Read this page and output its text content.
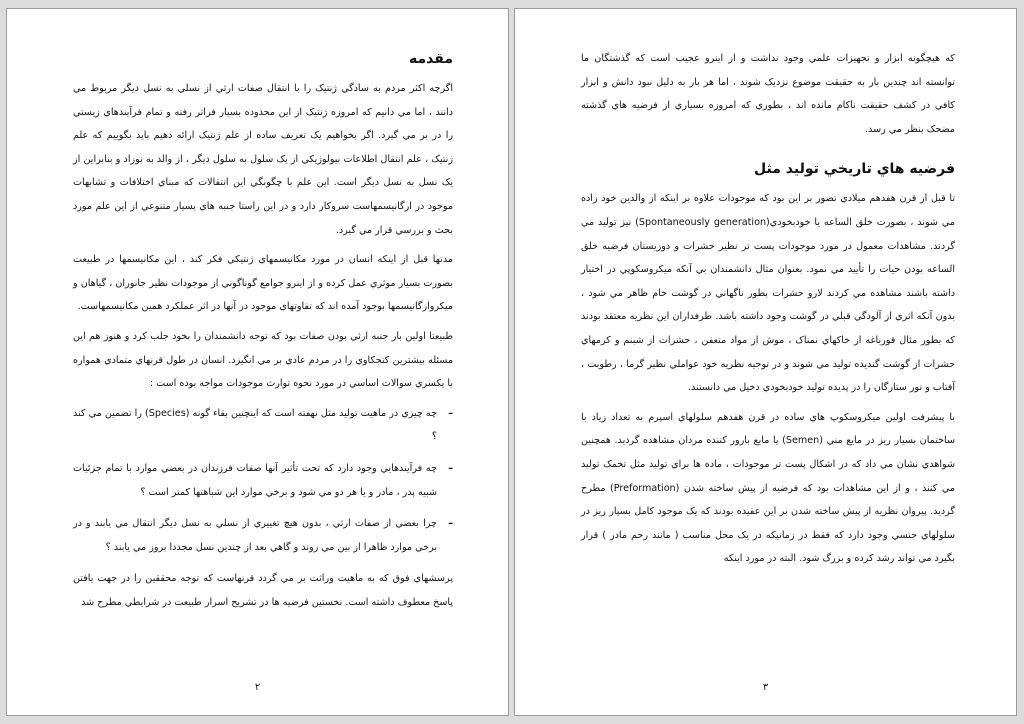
مقدمه

اگرچه اکثر مردم به سادگي ژنتيک را با انتقال صفات ارثي از نسلي به نسل ديگر مربوط مي دانند ، اما مي دانيم که امروزه ژنتيک از اين محدوده بسيار فراتر رفته و تمام فرآيندهاي زيستي را در بر مي گيرد. اگر بخواهيم يک تعريف ساده از علم ژنتيک ارائه دهيم بايد بگوييم که علم ژنتيک ، علم انتقال اطلاعات بيولوژيکي از يک سلول به سلول ديگر ، از والد به نوزاد و بنابراين از يک نسل به نسل ديگر است. اين علم با چگونگي اين انتقالات که مبناي اختلافات و تشابهات موجود در ارگانيسمهاست سروکار دارد و در اين راستا جنبه هاي بسيار متنوعي از اين علم مورد بحث و بررسي قرار مي گيرد.

مدتها قبل از اينکه انسان در مورد مکانيسمهاي ژنتيکي فکر کند ، اين مکانيسمها در طبيعت بصورت بسيار موثري عمل کرده و از اينرو جوامع گوناگوني از موجودات نظير جانوران ، گياهان و ميکروارگانيسمها بوجود آمده اند که تفاوتهاي موجود در آنها در اثر عملکرد همين مکانيسمهاست.

طبيعتا اولين بار جنبه ارثي بودن صفات بود که توجه دانشمندان را بخود جلب کرد و هنوز هم اين مسئله بيشترين کنجکاوي را در مردم عادي بر مي انگيزد. انسان در طول قرنهاي متمادي همواره با يکسري سوالات اساسي در مورد نحوه توارث موجودات مواجه بوده است :

–
چه چيزي در ماهيت توليد مثل نهفته است که اينچنين بقاء گونه (Species) را تضمين مي کند ؟
–
چه فرآيندهايي وجود دارد که تحت تأثير آنها صفات فرزندان در بعضي موارد با تمام جزئيات شبيه پدر ، مادر و يا هر دو مي شود و برخي موارد اين شباهتها کمتر است ؟
–
چرا بعضي از صفات ارثي ، بدون هيچ تغييري از نسلي به نسل ديگر انتقال مي يابند و در برخي موارد ظاهرا از بين مي روند و گاهي بعد از چندين نسل مجددا بروز مي يابند ؟

پرسشهاي فوق که به ماهيت وراثت بر مي گردد قرنهاست که توجه محققين را در جهت يافتن پاسخ معطوف داشته است. نخستين فرضيه ها در تشريح اسرار طبيعت در شرايطي مطرح شد

۲

که هيچگونه ابزار و تجهيزات علمي وجود نداشت و از اينرو عجيب است که گذشتگان ما توانسته اند چندين بار به حقيقت موضوع نزديک شوند ، اما هر بار به دليل نبود دانش و ابزار کافي در کشف حقيقت ناکام مانده اند ، بطوري که امروزه بسياري از فرضيه هاي گذشته مضحک بنظر مي رسد.

فرضيه هاي تاريخي توليد مثل

تا قبل از قرن هفدهم ميلادي تصور بر اين بود که موجودات علاوه بر اينکه از والدين خود زاده مي شوند ، بصورت خلق الساعه يا خودبخودي(Spontaneously generation) نيز توليد مي گردند. مشاهدات معمول در مورد موجودات پست تر نظير حشرات و دوزيستان فرضيه خلق الساعه بودن حيات را تأييد مي نمود. بعنوان مثال دانشمندان بي آنکه ميکروسکوپي در اختيار داشته باشند مشاهده مي کردند لارو حشرات بطور ناگهاني در گوشت خام ظاهر مي شود ، بدون آنکه اثري از آلودگي قبلي در گوشت وجود داشته باشد. طرفداران اين نظريه معتقد بودند که بطور مثال قورباغه از خاکهاي نمناک ، موش از مواد متعفن ، حشرات از شبنم و کرمهاي حشرات از گوشت گنديده توليد مي شوند و در توجيه نظريه خود عواملي نظير گرما ، رطوبت ، آفتاب و نور ستارگان را در پديده توليد خودبخودي دخيل مي دانستند.

با پيشرفت اولين ميکروسکوپ هاي ساده در قرن هفدهم سلولهاي اسپرم به تعداد زياد با ساختمان بسيار ريز در مايع مني (Semen) يا مايع بارور کننده مردان مشاهده گرديد. همچنين شواهدي نشان مي داد که در اشکال پست تر موجودات ، ماده ها براي توليد مثل تخمک توليد مي کنند ، و از اين مشاهدات بود که فرضيه از پيش ساخته شدن (Preformation) مطرح گرديد. پيروان نظريه از پيش ساخته شدن بر اين عقيده بودند که يک موجود کامل بسيار ريز در سلولهاي جنسي وجود دارد که فقط در زمانيکه در يک محل مناسب ( مانند رحم مادر ) قرار بگيرد مي تواند رشد کرده و بزرگ شود. البته در مورد اينکه

۳
